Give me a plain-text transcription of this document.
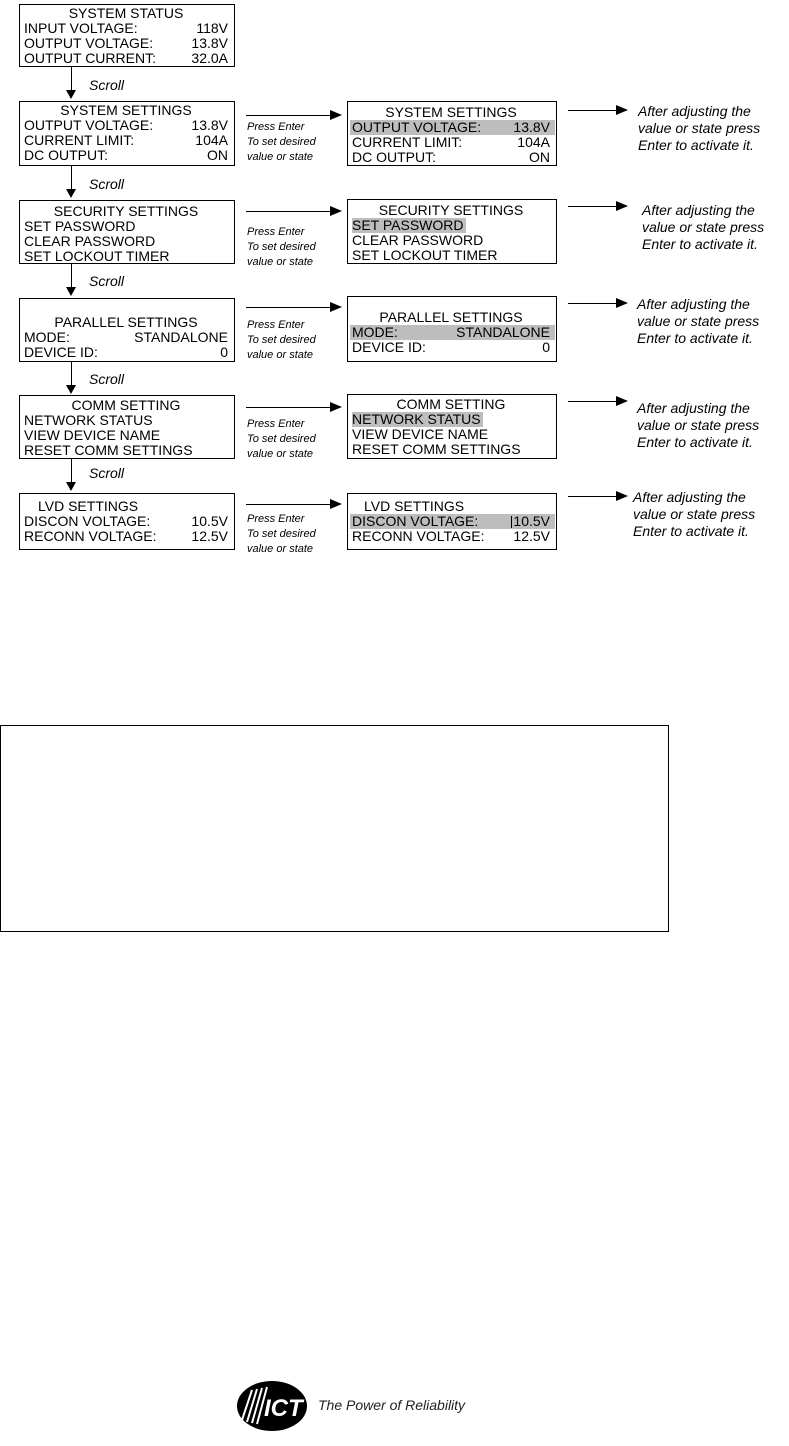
SYSTEM STATUS
INPUT VOLTAGE:	118V
OUTPUT VOLTAGE:	13.8V
OUTPUT CURRENT:	32.0A
Scroll
Scroll
Scroll
Scroll
Scroll
SYSTEM SETTINGS
OUTPUT VOLTAGE:	13.8V
CURRENT LIMIT:	104A
DC OUTPUT:	ON
Press Enter
To set desired
value or state
SYSTEM SETTINGS
OUTPUT VOLTAGE: 13.8V
CURRENT LIMIT:	104A
DC OUTPUT:	ON
After adjusting the
value or state press
Enter to activate it.
SECURITY SETTINGS
SET PASSWORD
CLEAR PASSWORD
SET LOCKOUT TIMER
Press Enter
To set desired
value or state
SECURITY SETTINGS
SET PASSWORD
CLEAR PASSWORD
SET LOCKOUT TIMER
After adjusting the
value or state press
Enter to activate it.
PARALLEL SETTINGS
MODE:	STANDALONE
DEVICE ID:	0
Press Enter
To set desired
value or state
PARALLEL SETTINGS
MODE:	STANDALONE
DEVICE ID:	0
After adjusting the
value or state press
Enter to activate it.
COMM SETTING
NETWORK STATUS
VIEW DEVICE NAME
RESET COMM SETTINGS
Press Enter
To set desired
value or state
COMM SETTING
NETWORK STATUS
VIEW DEVICE NAME
RESET COMM SETTINGS
After adjusting the
value or state press
Enter to activate it.
LVD SETTINGS
DISCON VOLTAGE:	10.5V
RECONN VOLTAGE: 12.5V
Press Enter
To set desired
value or state
LVD SETTINGS
DISCON VOLTAGE:	10.5V
RECONN VOLTAGE: 12.5V
After adjusting the
value or state press
Enter to activate it.
ICT The Power of Reliability
